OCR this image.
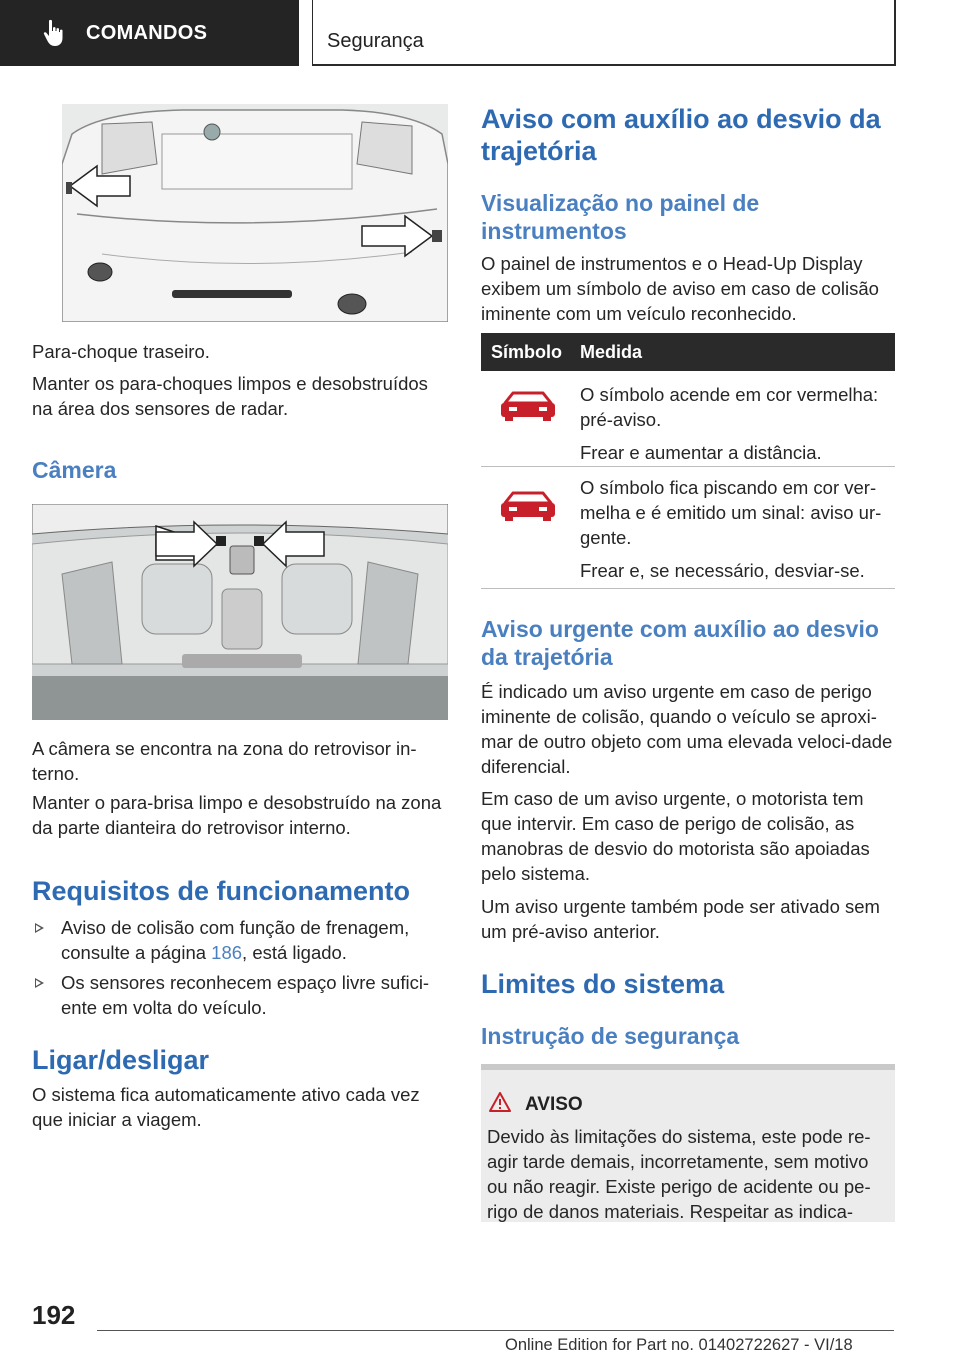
COMANDOS	Segurança
Para-choque traseiro.
Manter os para-choques limpos e desobstruídos na área dos sensores de radar.
Câmera
A câmera se encontra na zona do retrovisor in-terno.
Manter o para-brisa limpo e desobstruído na zona da parte dianteira do retrovisor interno.
Requisitos de funcionamento
Aviso de colisão com função de frenagem, consulte a página 186, está ligado.
Os sensores reconhecem espaço livre sufici-ente em volta do veículo.
Ligar/desligar
O sistema fica automaticamente ativo cada vez que iniciar a viagem.
Aviso com auxílio ao desvio da trajetória
Visualização no painel de instrumentos
O painel de instrumentos e o Head-Up Display exibem um símbolo de aviso em caso de colisão iminente com um veículo reconhecido.
Símbolo Medida
O símbolo acende em cor vermelha: pré-aviso.
Frear e aumentar a distância.
O símbolo fica piscando em cor ver-melha e é emitido um sinal: aviso ur-gente.
Frear e, se necessário, desviar-se.
Aviso urgente com auxílio ao desvio da trajetória
É indicado um aviso urgente em caso de perigo iminente de colisão, quando o veículo se aproxi-mar de outro objeto com uma elevada veloci-dade diferencial.
Em caso de um aviso urgente, o motorista tem que intervir. Em caso de perigo de colisão, as manobras de desvio do motorista são apoiadas pelo sistema.
Um aviso urgente também pode ser ativado sem um pré-aviso anterior.
Limites do sistema
Instrução de segurança
AVISO
Devido às limitações do sistema, este pode re-agir tarde demais, incorretamente, sem motivo ou não reagir. Existe perigo de acidente ou pe-rigo de danos materiais. Respeitar as indica-
192
Online Edition for Part no. 01402722627 - VI/18
